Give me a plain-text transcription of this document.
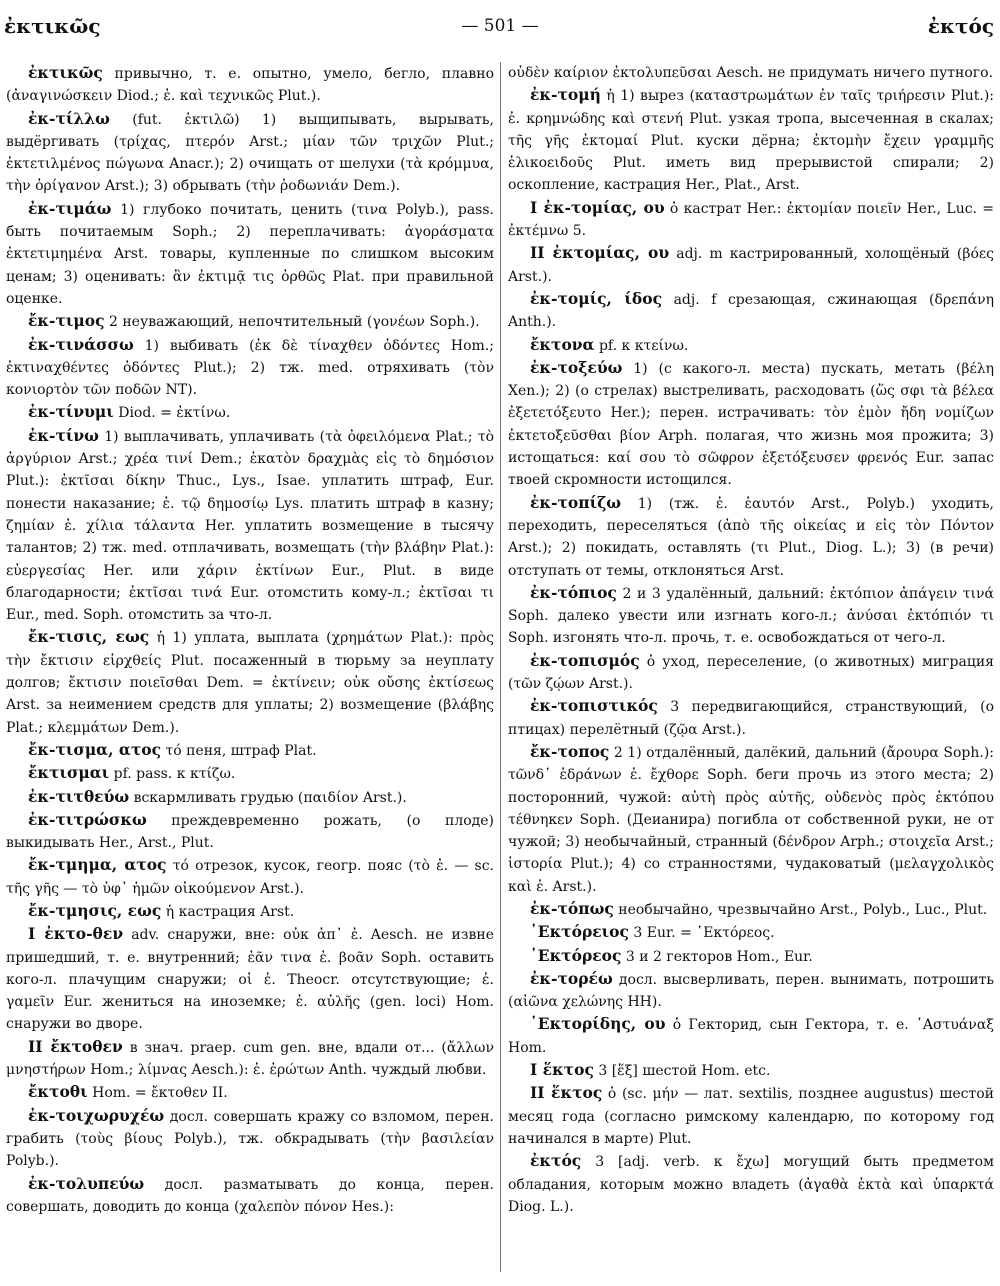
ἐκτικῶς	— 501 —	ἐκτός

ἐκτικῶς привычно, т. е. опытно, умело, бегло, плавно (ἀναγινώσκειν Diod.; ἐ. καὶ τεχνικῶς Plut.).

ἐκ-τίλλω (fut. ἐκτιλῶ) 1) выщипывать, вырывать, выдёргивать (τρίχας, πτερόν Arst.; μίαν τῶν τριχῶν Plut.; ἐκτετιλμένος πώγωνα Anacr.); 2) очищать от шелухи (τὰ κρόμμυα, τὴν ὀρίγανον Arst.); 3) обрывать (τὴν ῥοδωνιάν Dem.).

ἐκ-τιμάω 1) глубоко почитать, ценить (τινα Polyb.), pass. быть почитаемым Soph.; 2) переплачивать: ἀγοράσματα ἐκτετιμημένα Arst. товары, купленные по слишком высоким ценам; 3) оценивать: ἂν ἐκτιμᾷ τις ὀρθῶς Plat. при правильной оценке.

ἔκ-τιμος 2 неуважающий, непочтительный (γονέων Soph.).

ἐκ-τινάσσω 1) выбивать (ἐκ δὲ τίναχθεν ὀδόντες Hom.; ἐκτιναχθέντες ὀδόντες Plut.); 2) тж. med. отряхивать (τὸν κονιορτὸν τῶν ποδῶν NT).

ἐκ-τίνυμι Diod. = ἐκτίνω.

ἐκ-τίνω 1) выплачивать, уплачивать (τὰ ὀφειλόμενα Plat.; τὸ ἀργύριον Arst.; χρέα τινί Dem.; ἑκατὸν δραχμὰς εἰς τὸ δημόσιον Plut.): ἐκτῖσαι δίκην Thuc., Lys., Isae. уплатить штраф, Eur. понести наказание; ἐ. τῷ δημοσίῳ Lys. платить штраф в казну; ζημίαν ἐ. χίλια τάλαντα Her. уплатить возмещение в тысячу талантов; 2) тж. med. отплачивать, возмещать (τὴν βλάβην Plat.): εὐεργεσίας Her. или χάριν ἐκτίνων Eur., Plut. в виде благодарности; ἐκτῖσαι τινά Eur. отомстить кому-л.; ἐκτῖσαι τι Eur., med. Soph. отомстить за что-л.

ἔκ-τισις, εως ἡ 1) уплата, выплата (χρημάτων Plat.): πρὸς τὴν ἔκτισιν εἱρχθείς Plut. посаженный в тюрьму за неуплату долгов; ἔκτισιν ποιεῖσθαι Dem. = ἐκτίνειν; οὐκ οὔσης ἐκτίσεως Arst. за неимением средств для уплаты; 2) возмещение (βλάβης Plat.; κλεμμάτων Dem.).

ἔκ-τισμα, ατος τό пеня, штраф Plat.

ἔκτισμαι pf. pass. к κτίζω.

ἐκ-τιτθεύω вскармливать грудью (παιδίον Arst.).

ἐκ-τιτρώσκω преждевременно рожать, (о плоде) выкидывать Her., Arst., Plut.

ἔκ-τμημα, ατος τό отрезок, кусок, геогр. пояс (τὸ ἐ. — sc. τῆς γῆς — τὸ ὑφ᾽ ἡμῶν οἰκούμενον Arst.).

ἔκ-τμησις, εως ἡ кастрация Arst.

I ἐκτο-θεν adv. снаружи, вне: οὐκ ἀπ᾽ ἐ. Aesch. не извне пришедший, т. е. внутренний; ἐᾶν τινα ἐ. βοᾶν Soph. оставить кого-л. плачущим снаружи; οἱ ἐ. Theocr. отсутствующие; ἐ. γαμεῖν Eur. жениться на иноземке; ἐ. αὐλῆς (gen. loci) Hom. снаружи во дворе.

II ἔκτοθεν в знач. praep. cum gen. вне, вдали от... (ἄλλων μνηστήρων Hom.; λίμνας Aesch.): ἐ. ἐρώτων Anth. чуждый любви.

ἔκτοθι Hom. = ἔκτοθεν II.

ἐκ-τοιχωρυχέω досл. совершать кражу со взломом, перен. грабить (τοὺς βίους Polyb.), тж. обкрадывать (τὴν βασιλείαν Polyb.).

ἐκ-τολυπεύω досл. разматывать до конца, перен. совершать, доводить до конца (χαλεπὸν πόνον Hes.):

οὐδὲν καίριον ἐκτολυπεῦσαι Aesch. не придумать ничего путного.

ἐκ-τομή ἡ 1) вырез (καταστρωμάτων ἐν ταῖς τριήρεσιν Plut.): ἐ. κρημνώδης καὶ στενή Plut. узкая тропа, высеченная в скалах; τῆς γῆς ἐκτομαί Plut. куски дёрна; ἐκτομὴν ἔχειν γραμμῆς ἑλικοειδοῦς Plut. иметь вид прерывистой спирали; 2) оскопление, кастрация Her., Plat., Arst.

I ἐκ-τομίας, ου ὁ кастрат Her.: ἐκτομίαν ποιεῖν Her., Luc. = ἐκτέμνω 5.

II ἐκτομίας, ου adj. m кастрированный, холощёный (βόες Arst.).

ἐκ-τομίς, ίδος adj. f срезающая, сжинающая (δρεπάνη Anth.).

ἔκτονα pf. к κτείνω.

ἐκ-τοξεύω 1) (с какого-л. места) пускать, метать (βέλη Xen.); 2) (о стрелах) выстреливать, расходовать (ὥς σφι τὰ βέλεα ἐξετετόξευτο Her.); перен. истрачивать: τὸν ἐμὸν ἤδη νομίζων ἐκτετοξεῦσθαι βίον Arph. полагая, что жизнь моя прожита; 3) истощаться: καί σου τὸ σῶφρον ἐξετόξευσεν φρενός Eur. запас твоей скромности истощился.

ἐκ-τοπίζω 1) (тж. ἐ. ἑαυτόν Arst., Polyb.) уходить, переходить, переселяться (ἀπὸ τῆς οἰκείας и εἰς τὸν Πόντον Arst.); 2) покидать, оставлять (τι Plut., Diog. L.); 3) (в речи) отступать от темы, отклоняться Arst.

ἐκ-τόπιος 2 и 3 удалённый, дальний: ἐκτόπιον ἀπάγειν τινά Soph. далеко увести или изгнать кого-л.; ἀνύσαι ἐκτόπιόν τι Soph. изгонять что-л. прочь, т. е. освобождаться от чего-л.

ἐκ-τοπισμός ὁ уход, переселение, (о животных) миграция (τῶν ζῴων Arst.).

ἐκ-τοπιστικός 3 передвигающийся, странствующий, (о птицах) перелётный (ζῷα Arst.).

ἔκ-τοπος 2 1) отдалённый, далёкий, дальний (ἄρουρα Soph.): τῶνδ᾽ ἑδράνων ἐ. ἔχθορε Soph. беги прочь из этого места; 2) посторонний, чужой: αὐτὴ πρὸς αὑτῆς, οὐδενὸς πρὸς ἐκτόπου τέθνηκεν Soph. (Деианира) погибла от собственной руки, не от чужой; 3) необычайный, странный (δένδρον Arph.; στοιχεῖα Arst.; ἱστορία Plut.); 4) со странностями, чудаковатый (μελαγχολικὸς καὶ ἐ. Arst.).

ἐκ-τόπως необычайно, чрезвычайно Arst., Polyb., Luc., Plut.

῾Εκτόρειος 3 Eur. = ῾Εκτόρεος.

῾Εκτόρεος 3 и 2 гекторов Hom., Eur.

ἐκ-τορέω досл. высверливать, перен. вынимать, потрошить (αἰῶνα χελώνης HH).

῾Εκτορίδης, ου ὁ Гекторид, сын Гектора, т. е. ᾽Αστυάναξ Hom.

I ἕκτος 3 [ἕξ] шестой Hom. etc.

II ἕκτος ὁ (sc. μήν — лат. sextilis, позднее augustus) шестой месяц года (согласно римскому календарю, по которому год начинался в марте) Plut.

ἐκτός 3 [adj. verb. к ἔχω] могущий быть предметом обладания, которым можно владеть (ἀγαθὰ ἑκτὰ καὶ ὑπαρκτά Diog. L.).
